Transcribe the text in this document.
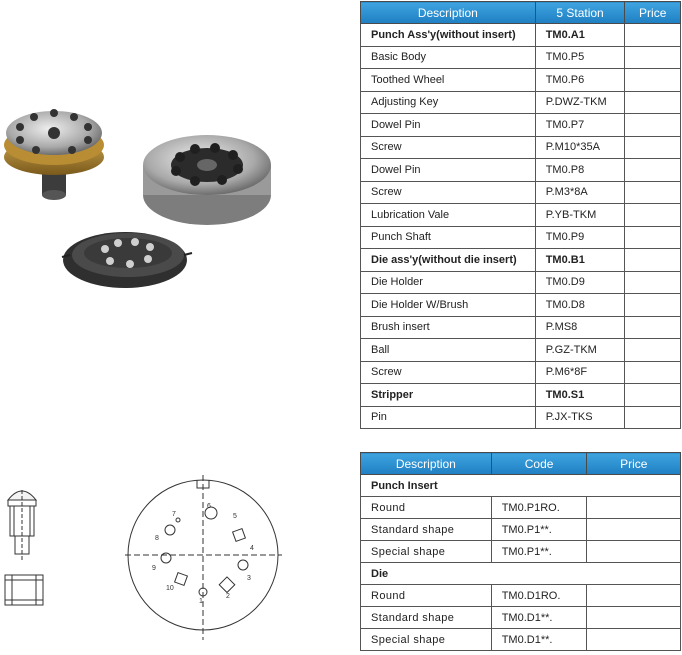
6
5
7
8
4
9
3
10
2
1
Description	5 Station	Price
Punch Ass'y(without insert)	TM0.A1	
Basic Body	TM0.P5	
Toothed Wheel	TM0.P6	
Adjusting Key	P.DWZ-TKM	
Dowel Pin	TM0.P7	
Screw	P.M10*35A	
Dowel Pin	TM0.P8	
Screw	P.M3*8A	
Lubrication Vale	P.YB-TKM	
Punch Shaft	TM0.P9	
Die ass'y(without die insert)	TM0.B1	
Die Holder	TM0.D9	
Die Holder W/Brush	TM0.D8	
Brush insert	P.MS8	
Ball	P.GZ-TKM	
Screw	P.M6*8F	
Stripper	TM0.S1	
Pin	P.JX-TKS	
Description	Code	Price
Punch Insert		
Round	TM0.P1RO.	
Standard shape	TM0.P1**.	
Special shape	TM0.P1**.	
Die		
Round	TM0.D1RO.	
Standard shape	TM0.D1**.	
Special shape	TM0.D1**.	
